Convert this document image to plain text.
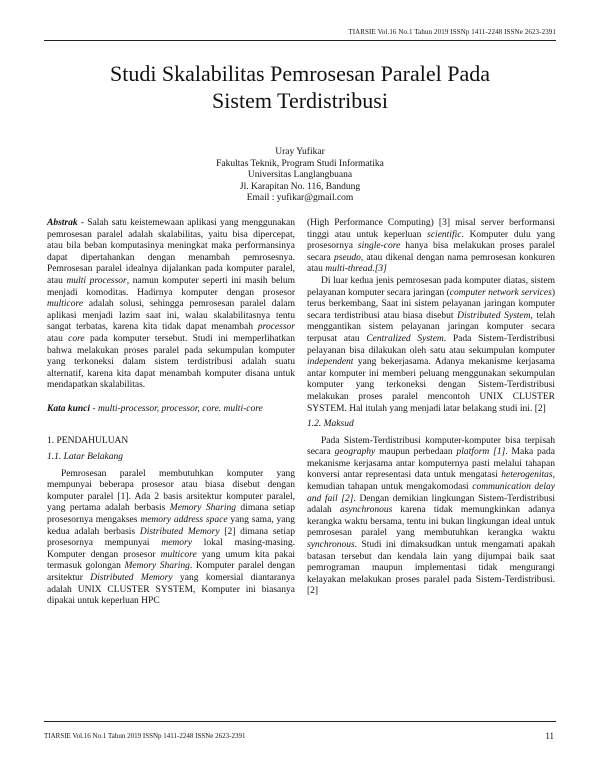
TIARSIE Vol.16 No.1 Tahun 2019 ISSNp 1411-2248 ISSNe 2623-2391
Studi Skalabilitas Pemrosesan Paralel Pada
Sistem Terdistribusi
Uray Yufikar
Fakultas Teknik, Program Studi Informatika
Universitas Langlangbuana
Jl. Karapitan No. 116, Bandung
Email : yufikar@gmail.com

Abstrak - Salah satu keistemewaan aplikasi yang menggunakan pemrosesan paralel adalah skalabilitas, yaitu bisa dipercepat, atau bila beban komputasinya meningkat maka performansinya dapat dipertahankan dengan menambah pemrosesnya. Pemrosesan paralel idealnya dijalankan pada komputer paralel, atau multi processor, namun komputer seperti ini masih belum menjadi komoditas. Hadirnya komputer dengan prosesor multicore adalah solusi, sehingga pemrosesan paralel dalam aplikasi menjadi lazim saat ini, walau skalabilitasnya tentu sangat terbatas, karena kita tidak dapat menambah processor atau core pada komputer tersebut. Studi ini memperlihatkan bahwa melakukan proses paralel pada sekumpulan komputer yang terkoneksi dalam sistem terdistribusi adalah suatu alternatif, karena kita dapat menambah komputer disana untuk mendapatkan skalabilitas.

Kata kunci - multi-processor, processor, core. multi-core

1. PENDAHULUAN
1.1. Latar Belakang

Pemrosesan paralel membutuhkan komputer yang mempunyai beberapa prosesor atau biasa disebut dengan komputer paralel [1]. Ada 2 basis arsitektur komputer paralel, yang pertama adalah berbasis Memory Sharing dimana setiap prosesornya mengakses memory address space yang sama, yang kedua adalah berbasis Distributed Memory [2] dimana setiap prosesornya mempunyai memory lokal masing-masing. Komputer dengan prosesor multicore yang umum kita pakai termasuk golongan Memory Sharing. Komputer paralel dengan arsitektur Distributed Memory yang komersial diantaranya adalah UNIX CLUSTER SYSTEM, Komputer ini biasanya dipakai untuk keperluan HPC

(High Performance Computing) [3] misal server berformansi tinggi atau untuk keperluan scientific. Komputer dulu yang prosesornya single-core hanya bisa melakukan proses paralel secara pseudo, atau dikenal dengan nama pemrosesan konkuren atau multi-thread.[3]

Di luar kedua jenis pemrosesan pada komputer diatas, sistem pelayanan komputer secara jaringan (computer network services) terus berkembang, Saat ini sistem pelayanan jaringan komputer secara terdistribusi atau biasa disebut Distributed System, telah menggantikan sistem pelayanan jaringan komputer secara terpusat atau Centralized System. Pada Sistem-Terdistribusi pelayanan bisa dilakukan oleh satu atau sekumpulan komputer independent yang bekerjasama. Adanya mekanisme kerjasama antar komputer ini memberi peluang menggunakan sekumpulan komputer yang terkoneksi dengan Sistem-Terdistribusi melakukan proses paralel mencontoh UNIX CLUSTER SYSTEM. Hal itulah yang menjadi latar belakang studi ini. [2]

1.2. Maksud

Pada Sistem-Terdistribusi komputer-komputer bisa terpisah secara geography maupun perbedaan platform [1]. Maka pada mekanisme kerjasama antar komputernya pasti melalui tahapan konversi antar representasi data untuk mengatasi heterogenitas, kemudian tahapan untuk mengakomodasi communication delay and fail [2]. Dengan demikian lingkungan Sistem-Terdistribusi adalah asynchronous karena tidak memungkinkan adanya kerangka waktu bersama, tentu ini bukan lingkungan ideal untuk pemrosesan paralel yang membutuhkan kerangka waktu synchronous. Studi ini dimaksudkan untuk mengamati apakah batasan tersebut dan kendala lain yang dijumpai baik saat pemrograman maupun implementasi tidak mengurangi kelayakan melakukan proses paralel pada Sistem-Terdistribusi.[2]

TIARSIE Vol.16 No.1 Tahun 2019 ISSNp 1411-2248 ISSNe 2623-2391	11
